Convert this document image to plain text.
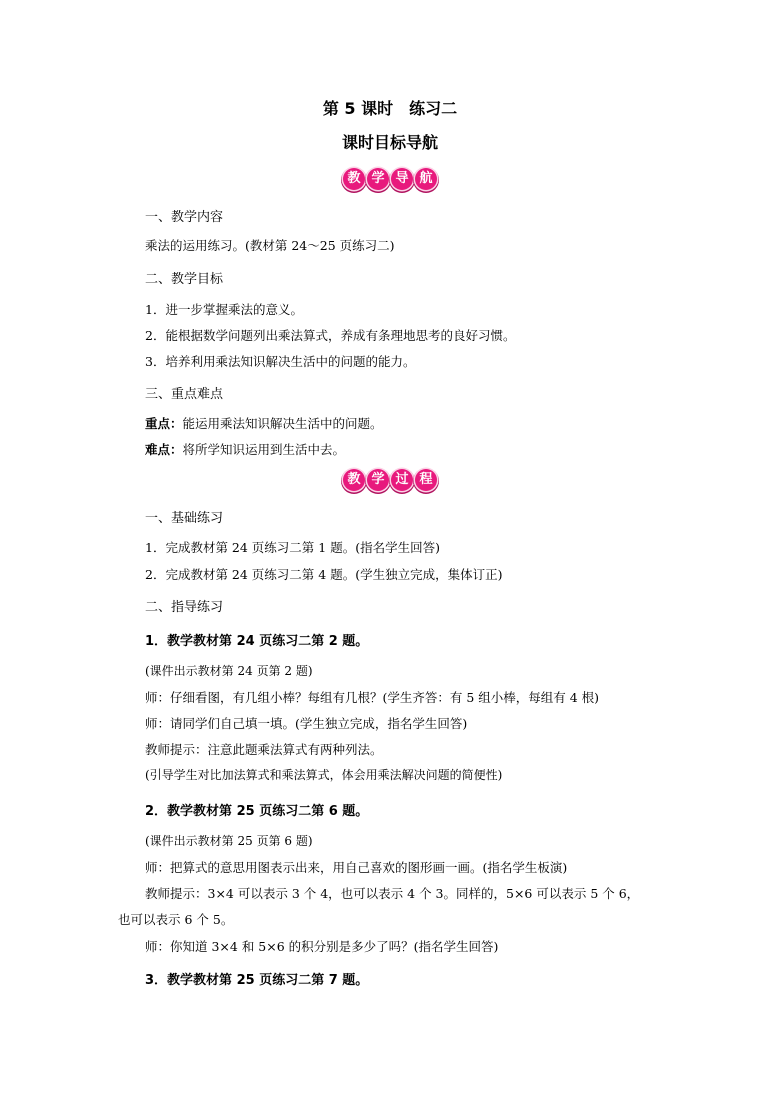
第 5 课时　练习二
课时目标导航
教 学 导 航
一、教学内容
乘法的运用练习。(教材第 24～25 页练习二)
二、教学目标
1．进一步掌握乘法的意义。
2．能根据数学问题列出乘法算式，养成有条理地思考的良好习惯。
3．培养利用乘法知识解决生活中的问题的能力。
三、重点难点
重点：能运用乘法知识解决生活中的问题。
难点：将所学知识运用到生活中去。
教 学 过 程
一、基础练习
1．完成教材第 24 页练习二第 1 题。(指名学生回答)
2．完成教材第 24 页练习二第 4 题。(学生独立完成，集体订正)
二、指导练习
1．教学教材第 24 页练习二第 2 题。
(课件出示教材第 24 页第 2 题)
师：仔细看图，有几组小棒？每组有几根？(学生齐答：有 5 组小棒，每组有 4 根)
师：请同学们自己填一填。(学生独立完成，指名学生回答)
教师提示：注意此题乘法算式有两种列法。
(引导学生对比加法算式和乘法算式，体会用乘法解决问题的简便性)
2．教学教材第 25 页练习二第 6 题。
(课件出示教材第 25 页第 6 题)
师：把算式的意思用图表示出来，用自己喜欢的图形画一画。(指名学生板演)
教师提示：3×4 可以表示 3 个 4，也可以表示 4 个 3。同样的，5×6 可以表示 5 个 6，
也可以表示 6 个 5。
师：你知道 3×4 和 5×6 的积分别是多少了吗？(指名学生回答)
3．教学教材第 25 页练习二第 7 题。
